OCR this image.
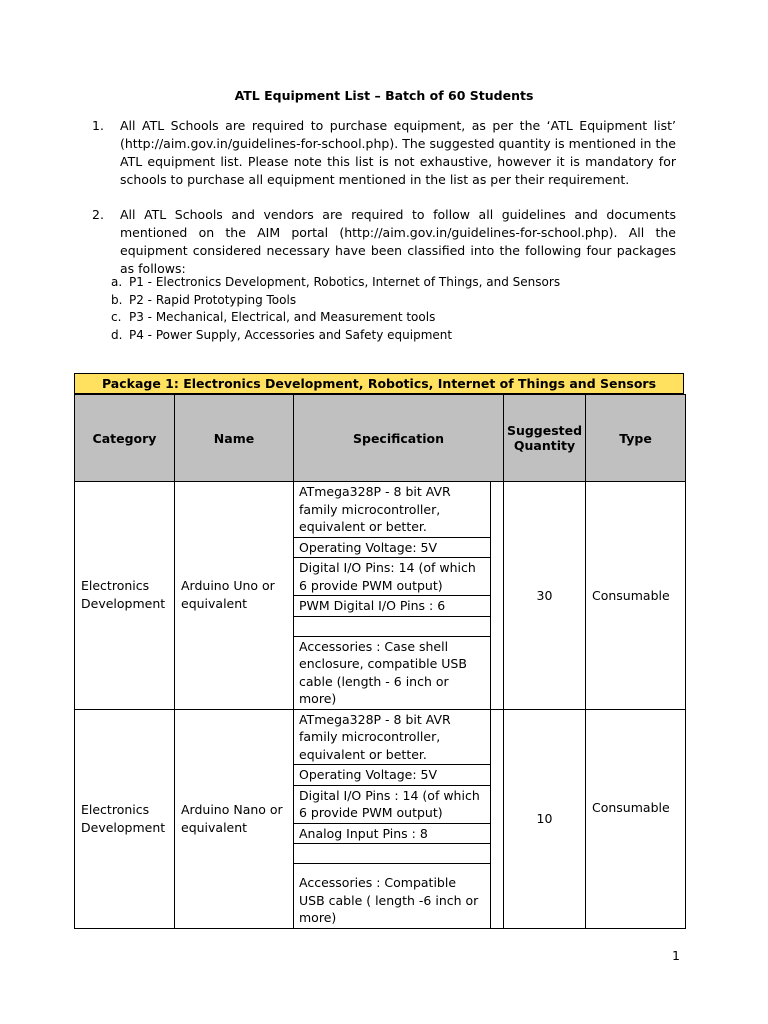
ATL Equipment List – Batch of 60 Students
1.	All ATL Schools are required to purchase equipment, as per the ‘ATL Equipment list’ (http://aim.gov.in/guidelines-for-school.php). The suggested quantity is mentioned in the ATL equipment list. Please note this list is not exhaustive, however it is mandatory for schools to purchase all equipment mentioned in the list as per their requirement.
2.	All ATL Schools and vendors are required to follow all guidelines and documents mentioned on the AIM portal (http://aim.gov.in/guidelines-for-school.php). All the equipment considered necessary have been classified into the following four packages as follows:
a. P1 - Electronics Development, Robotics, Internet of Things, and Sensors
b. P2 - Rapid Prototyping Tools
c. P3 - Mechanical, Electrical, and Measurement tools
d. P4 - Power Supply, Accessories and Safety equipment
Package 1: Electronics Development, Robotics, Internet of Things and Sensors
Category	Name	Specification	Suggested Quantity	Type
Electronics Development	Arduino Uno or equivalent	ATmega328P - 8 bit AVR family microcontroller, equivalent or better.
Operating Voltage: 5V
Digital I/O Pins: 14 (of which 6 provide PWM output)
PWM Digital I/O Pins : 6
Accessories : Case shell enclosure, compatible USB cable (length - 6 inch or more)	30	Consumable
Electronics Development	Arduino Nano or equivalent	ATmega328P - 8 bit AVR family microcontroller, equivalent or better.
Operating Voltage: 5V
Digital I/O Pins : 14 (of which 6 provide PWM output)
Analog Input Pins : 8
Accessories : Compatible USB cable ( length -6 inch or more)	10	Consumable
1
